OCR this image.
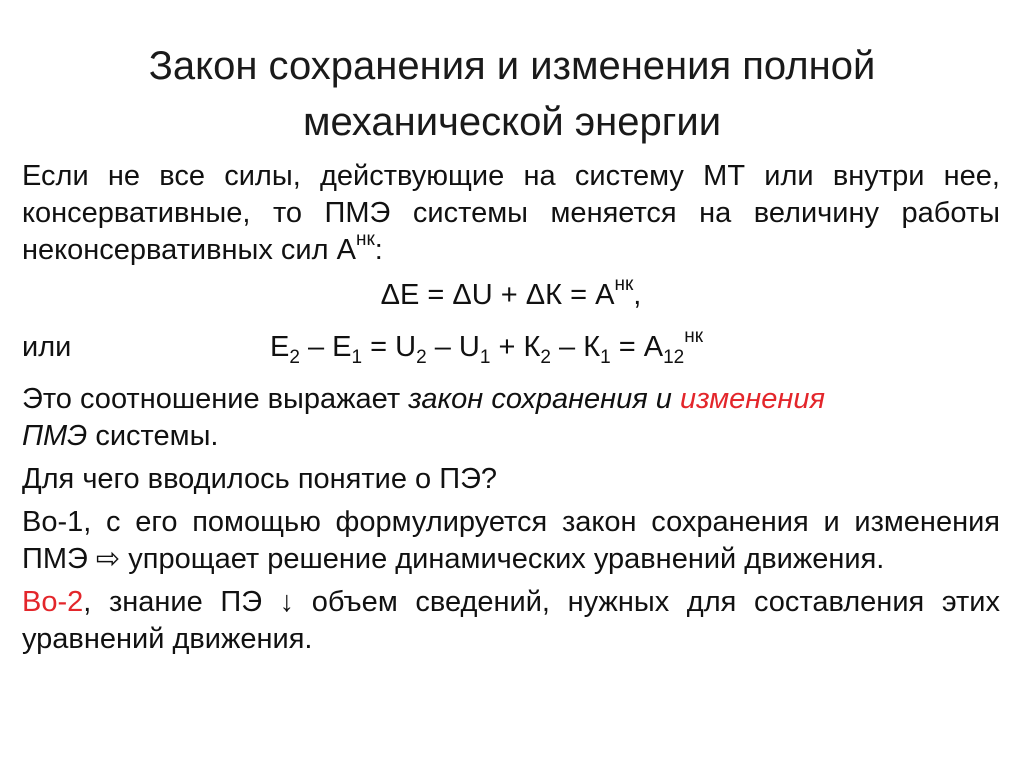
Закон сохранения и изменения полной
механической энергии

Если не все силы, действующие на систему МТ или внутри нее, консервативные, то ПМЭ системы меняется на величину работы неконсервативных сил $А^{нк}$:

$\Delta E = \Delta U + \Delta К = А^{нк}$,
или	$E_2 - E_1 = U_2 - U_1 + К_2 - К_1 = А_{12}^{нк}$

Это соотношение выражает закон сохранения и изменения
ПМЭ системы.

Для чего вводилось понятие о ПЭ?

Во-1, с его помощью формулируется закон сохранения и изменения ПМЭ ⇨ упрощает решение динамических уравнений движения.

Во-2, знание ПЭ ↓ объем сведений, нужных для составления этих уравнений движения.
